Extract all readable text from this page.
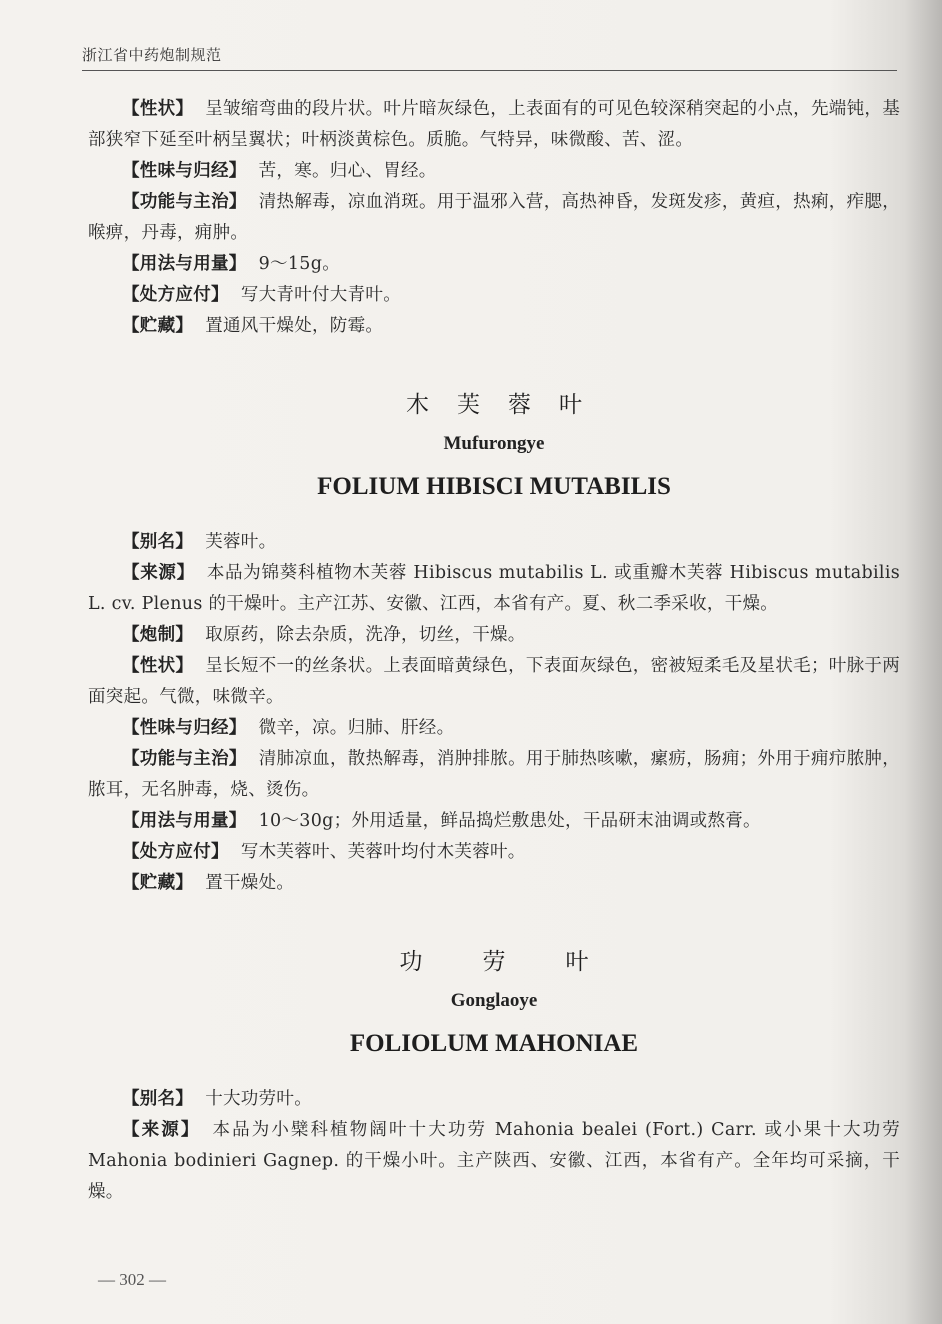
浙江省中药炮制规范

【性状】 呈皱缩弯曲的段片状。叶片暗灰绿色，上表面有的可见色较深稍突起的小点，先端钝，基部狭窄下延至叶柄呈翼状；叶柄淡黄棕色。质脆。气特异，味微酸、苦、涩。

【性味与归经】 苦，寒。归心、胃经。

【功能与主治】 清热解毒，凉血消斑。用于温邪入营，高热神昏，发斑发疹，黄疸，热痢，痄腮，喉痹，丹毒，痈肿。

【用法与用量】 9～15g。

【处方应付】 写大青叶付大青叶。

【贮藏】 置通风干燥处，防霉。

木芙蓉叶

Mufurongye

FOLIUM HIBISCI MUTABILIS

【别名】 芙蓉叶。

【来源】 本品为锦葵科植物木芙蓉 Hibiscus mutabilis L. 或重瓣木芙蓉 Hibiscus mutabilis L. cv. Plenus 的干燥叶。主产江苏、安徽、江西，本省有产。夏、秋二季采收，干燥。

【炮制】 取原药，除去杂质，洗净，切丝，干燥。

【性状】 呈长短不一的丝条状。上表面暗黄绿色，下表面灰绿色，密被短柔毛及星状毛；叶脉于两面突起。气微，味微辛。

【性味与归经】 微辛，凉。归肺、肝经。

【功能与主治】 清肺凉血，散热解毒，消肿排脓。用于肺热咳嗽，瘰疬，肠痈；外用于痈疖脓肿，脓耳，无名肿毒，烧、烫伤。

【用法与用量】 10～30g；外用适量，鲜品捣烂敷患处，干品研末油调或熬膏。

【处方应付】 写木芙蓉叶、芙蓉叶均付木芙蓉叶。

【贮藏】 置干燥处。

功劳叶

Gonglaoye

FOLIOLUM MAHONIAE

【别名】 十大功劳叶。

【来源】 本品为小檗科植物阔叶十大功劳 Mahonia bealei (Fort.) Carr. 或小果十大功劳 Mahonia bodinieri Gagnep. 的干燥小叶。主产陕西、安徽、江西，本省有产。全年均可采摘，干燥。

— 302 —
